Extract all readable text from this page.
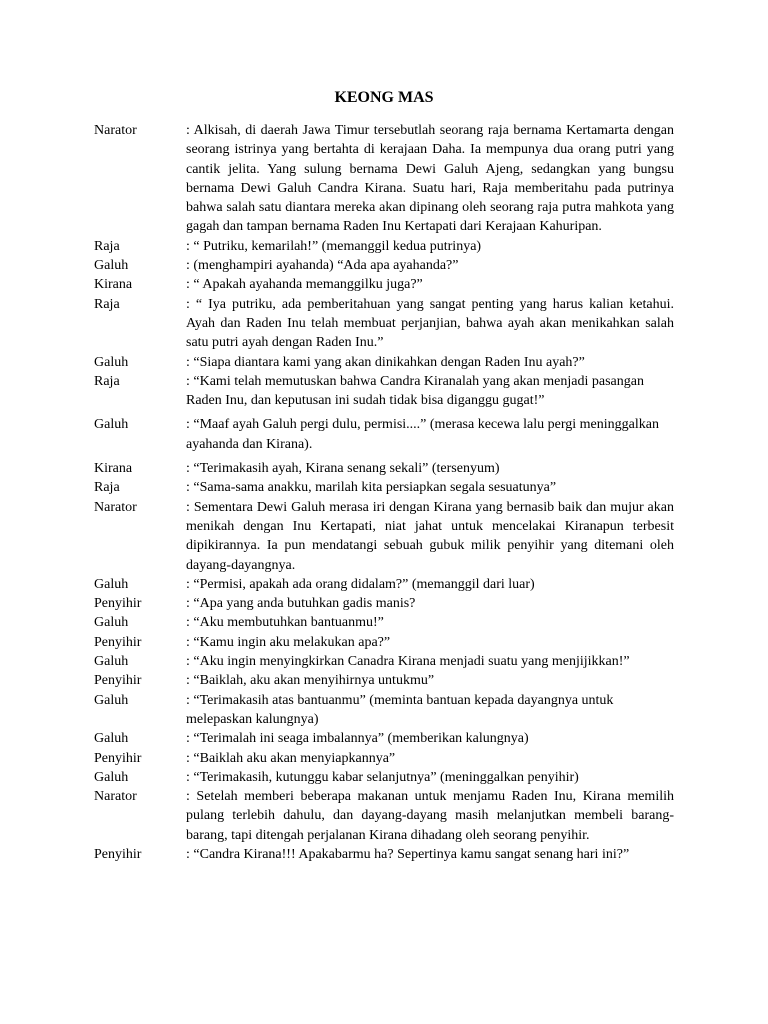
KEONG MAS
Narator	: Alkisah, di daerah Jawa Timur tersebutlah seorang raja bernama Kertamarta dengan seorang istrinya yang bertahta di kerajaan Daha. Ia mempunya dua orang putri yang cantik jelita. Yang sulung bernama Dewi Galuh Ajeng, sedangkan yang bungsu bernama Dewi Galuh Candra Kirana. Suatu hari, Raja memberitahu pada putrinya bahwa salah satu diantara mereka akan dipinang oleh seorang raja putra mahkota yang gagah dan tampan bernama Raden Inu Kertapati dari Kerajaan Kahuripan.
Raja	: “ Putriku, kemarilah!” (memanggil kedua putrinya)
Galuh	: (menghampiri ayahanda) “Ada apa ayahanda?”
Kirana	: “ Apakah ayahanda memanggilku juga?”
Raja	: “ Iya putriku, ada pemberitahuan yang sangat penting yang harus kalian ketahui. Ayah dan Raden Inu telah membuat perjanjian, bahwa ayah akan menikahkan salah satu putri ayah dengan Raden Inu.”
Galuh	: “Siapa diantara kami yang akan dinikahkan dengan Raden Inu ayah?”
Raja	: “Kami telah memutuskan bahwa Candra Kiranalah yang akan menjadi pasangan Raden Inu, dan keputusan ini sudah tidak bisa diganggu gugat!”
Galuh	: “Maaf ayah Galuh pergi dulu, permisi....” (merasa kecewa lalu pergi meninggalkan ayahanda dan Kirana).
Kirana	: “Terimakasih ayah, Kirana senang sekali” (tersenyum)
Raja	: “Sama-sama anakku, marilah kita persiapkan segala sesuatunya”
Narator	: Sementara Dewi Galuh merasa iri dengan Kirana yang bernasib baik dan mujur akan menikah dengan Inu Kertapati, niat jahat untuk mencelakai Kiranapun terbesit dipikirannya. Ia pun mendatangi sebuah gubuk milik penyihir yang ditemani oleh dayang-dayangnya.
Galuh	: “Permisi, apakah ada orang didalam?” (memanggil dari luar)
Penyihir	: “Apa yang anda butuhkan gadis manis?
Galuh	: “Aku membutuhkan bantuanmu!”
Penyihir	: “Kamu ingin aku melakukan apa?”
Galuh	: “Aku ingin menyingkirkan Canadra Kirana menjadi suatu yang menjijikkan!”
Penyihir	: “Baiklah, aku akan menyihirnya untukmu”
Galuh	: “Terimakasih atas bantuanmu” (meminta bantuan kepada dayangnya untuk melepaskan kalungnya)
Galuh	: “Terimalah ini seaga imbalannya” (memberikan kalungnya)
Penyihir	: “Baiklah aku akan menyiapkannya”
Galuh	: “Terimakasih, kutunggu kabar selanjutnya” (meninggalkan penyihir)
Narator	: Setelah memberi beberapa makanan untuk menjamu Raden Inu, Kirana memilih pulang terlebih dahulu, dan dayang-dayang masih melanjutkan membeli barang-barang, tapi ditengah perjalanan Kirana dihadang oleh seorang penyihir.
Penyihir	: “Candra Kirana!!! Apakabarmu ha? Sepertinya kamu sangat senang hari ini?”
